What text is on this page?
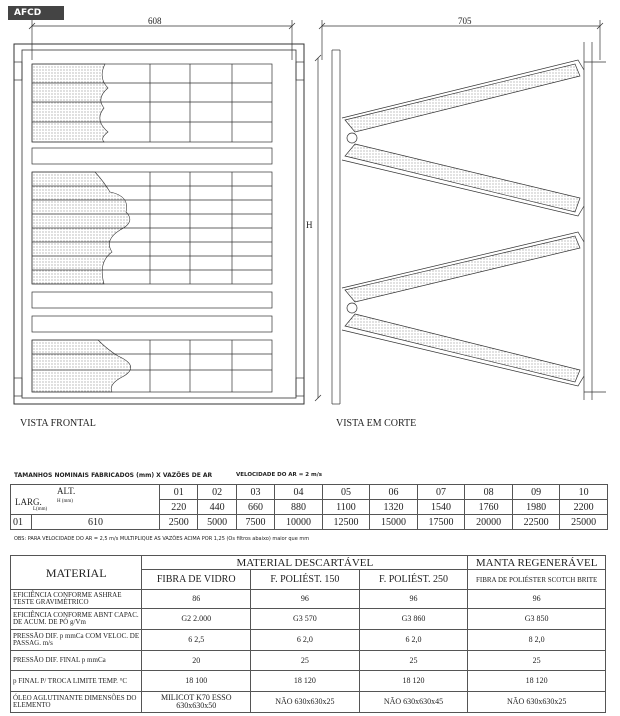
AFCD
VISTA FRONTAL
608
H
705
VISTA EM CORTE
TAMANHOS NOMINAIS FABRICADOS (mm) X VAZÕES DE AR	VELOCIDADE DO AR = 2 m/s
ALT.
LARG. H (mm)
L(mm)		01	02	03	04	05	06	07	08	09	10
		220	440	660	880	1100	1320	1540	1760	1980	2200
01	610	2500	5000	7500	10000	12500	15000	17500	20000	22500	25000
OBS: PARA VELOCIDADE DO AR = 2,5 m/s MULTIPLIQUE AS VAZÕES ACIMA POR 1,25 (Os filtros abaixo) maior que mm
MATERIAL	MATERIAL DESCARTÁVEL			MANTA REGENERÁVEL
	FIBRA DE VIDRO	F. POLIÉST. 150	F. POLIÉST. 250	FIBRA DE POLIÉSTER SCOTCH BRITE
EFICIÊNCIA CONFORME ASHRAE TESTE GRAVIMÉTRICO	86	96	96	96
EFICIÊNCIA CONFORME ABNT CAPAC. DE ACUM. DE PÓ g/Vm	G2 2.000	G3 570	G3 860	G3 850
PRESSÃO DIF. p mmCa COM VELOC. DE PASSAG. m/s	6 2,5	6 2,0	6 2,0	8 2,0
PRESSÃO DIF. FINAL p mmCa	20	25	25	25
p FINAL P/ TROCA LIMITE TEMP. °C	18 100	18 120	18 120	18 120
ÓLEO AGLUTINANTE DIMENSÕES DO ELEMENTO	MILICOT K70 ESSO 630x630x50	NÃO 630x630x25	NÃO 630x630x45	NÃO 630x630x25
